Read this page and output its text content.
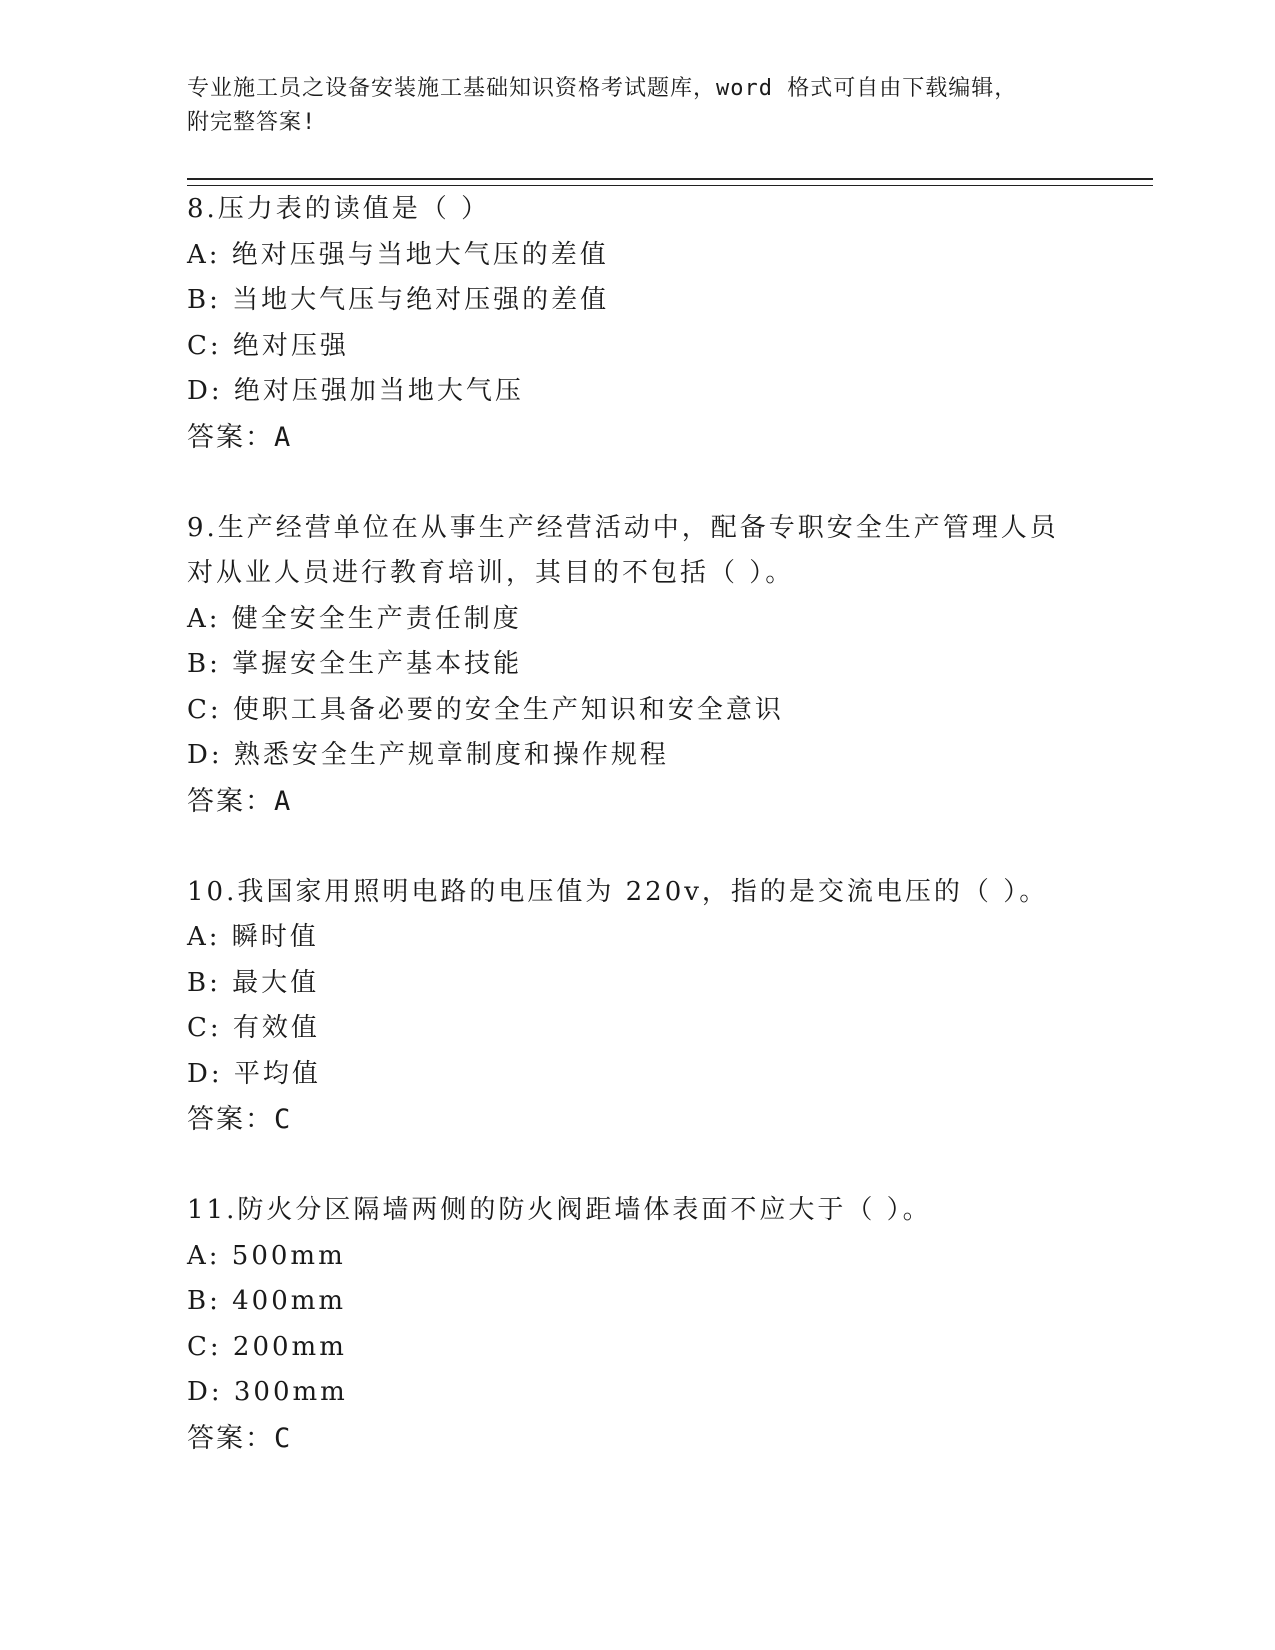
专业施工员之设备安装施工基础知识资格考试题库，word 格式可自由下载编辑，
附完整答案!

8.压力表的读值是（ ）

A: 绝对压强与当地大气压的差值

B: 当地大气压与绝对压强的差值

C: 绝对压强

D: 绝对压强加当地大气压

答案：A

9.生产经营单位在从事生产经营活动中，配备专职安全生产管理人员

对从业人员进行教育培训，其目的不包括（ ）。

A: 健全安全生产责任制度

B: 掌握安全生产基本技能

C: 使职工具备必要的安全生产知识和安全意识

D: 熟悉安全生产规章制度和操作规程

答案：A

10.我国家用照明电路的电压值为 220v，指的是交流电压的（ ）。

A: 瞬时值

B: 最大值

C: 有效值

D: 平均值

答案：C

11.防火分区隔墙两侧的防火阀距墙体表面不应大于（ ）。

A: 500mm

B: 400mm

C: 200mm

D: 300mm

答案：C
